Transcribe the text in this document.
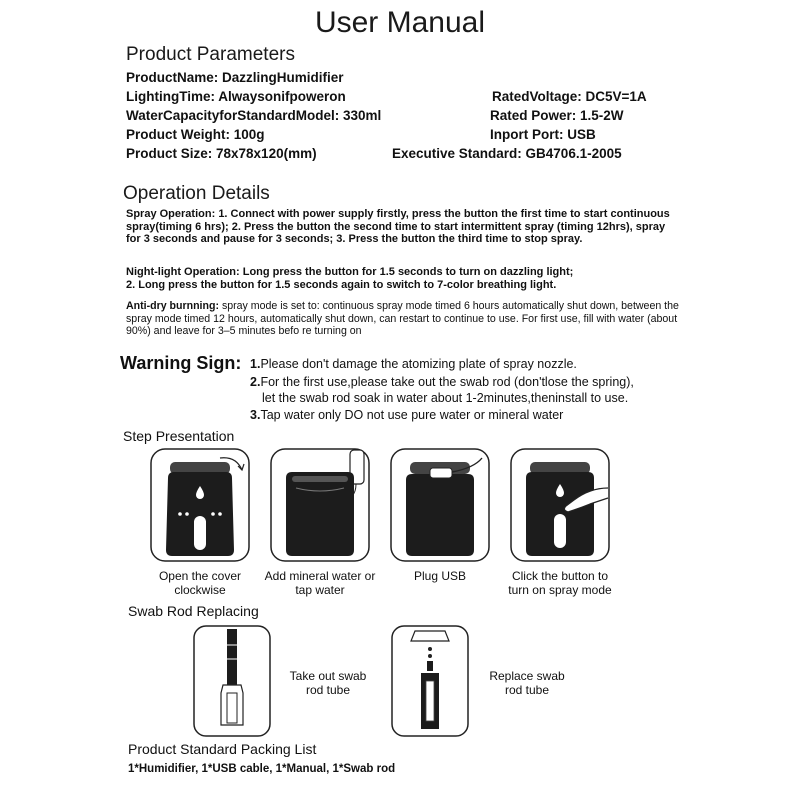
User Manual
Product Parameters
ProductName: DazzlingHumidifier
LightingTime: Alwaysonifpoweron	RatedVoltage: DC5V=1A
WaterCapacityforStandardModel: 330ml	Rated Power: 1.5-2W
Product Weight: 100g	Inport Port: USB
Product Size: 78x78x120(mm)	Executive Standard: GB4706.1-2005
Operation Details
Spray Operation: 1. Connect with power supply firstly, press the button the first time to start continuous spray(timing 6 hrs); 2. Press the button the second time to start intermittent spray (timing 12hrs), spray for 3 seconds and pause for 3 seconds; 3. Press the button the third time to stop spray.
Night-light Operation: Long press the button for 1.5 seconds to turn on dazzling light;
2. Long press the button for 1.5 seconds again to switch to 7-color breathing light.
Anti-dry burnning: spray mode is set to: continuous spray mode timed 6 hours automatically shut down, between the spray mode timed 12 hours, automatically shut down, can restart to continue to use. For first use, fill with water (about 90%) and leave for 3–5 minutes befo re turning on
Warning Sign: 1.Please don't damage the atomizing plate of spray nozzle.
2.For the first use,please take out the swab rod (don'tlose the spring),
let the swab rod soak in water about 1-2minutes,theninstall to use.
3.Tap water only DO not use pure water or mineral water
Step Presentation
Open the cover clockwise
Add mineral water or tap water
Plug USB	Click the button to turn on spray mode
Swab Rod Replacing
Take out swab rod tube
Replace swab rod tube
Product Standard Packing List
1*Humidifier, 1*USB cable, 1*Manual, 1*Swab rod
